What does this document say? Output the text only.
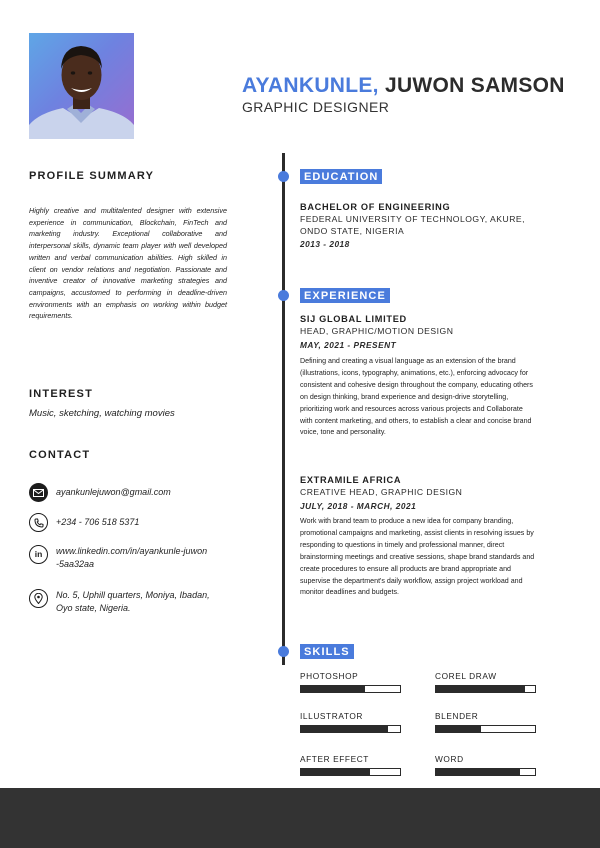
AYANKUNLE, JUWON SAMSON
GRAPHIC DESIGNER
PROFILE SUMMARY
Highly creative and multitalented designer with extensive experience in communication, Blockchain, FinTech and marketing industry. Exceptional collaborative and interpersonal skills, dynamic team player with well developed written and verbal communication abilities. High skilled in client on vendor relations and negotiation. Passionate and inventive creator of innovative marketing strategies and campaigns, accustomed to performing in deadline-driven environments with an emphasis on working within budget requirements.
INTEREST
Music, sketching, watching movies
CONTACT
ayankunlejuwon@gmail.com
+234 - 706 518 5371
in www.linkedin.com/in/ayankunle-juwon
-5aa32aa
No. 5, Uphill quarters, Moniya, Ibadan,
Oyo state, Nigeria.
EDUCATION
BACHELOR OF ENGINEERING
FEDERAL UNIVERSITY OF TECHNOLOGY, AKURE,
ONDO STATE, NIGERIA
2013 - 2018
EXPERIENCE
SIJ GLOBAL LIMITED
HEAD, GRAPHIC/MOTION DESIGN
MAY, 2021 - PRESENT
Defining and creating a visual language as an extension of the brand (illustrations, icons, typography, animations, etc.), enforcing advocacy for consistent and cohesive design throughout the company, educating others on design thinking, brand experience and design-drive storytelling, prioritizing work and resources across various projects and Collaborate with content marketing, and others, to establish a clear and concise brand voice, tone and personality.
EXTRAMILE AFRICA
CREATIVE HEAD, GRAPHIC DESIGN
JULY, 2018 - MARCH, 2021
Work with brand team to produce a new idea for company branding, promotional campaigns and marketing, assist clients in resolving issues by responding to questions in timely and professional manner, direct brainstorming meetings and creative sessions, shape brand standards and create procedures to ensure all products are brand appropriate and supervise the department's daily workflow, assign project workload and monitor deadlines and budgets.
SKILLS
PHOTOSHOP	COREL DRAW
ILLUSTRATOR	BLENDER
AFTER EFFECT	WORD
